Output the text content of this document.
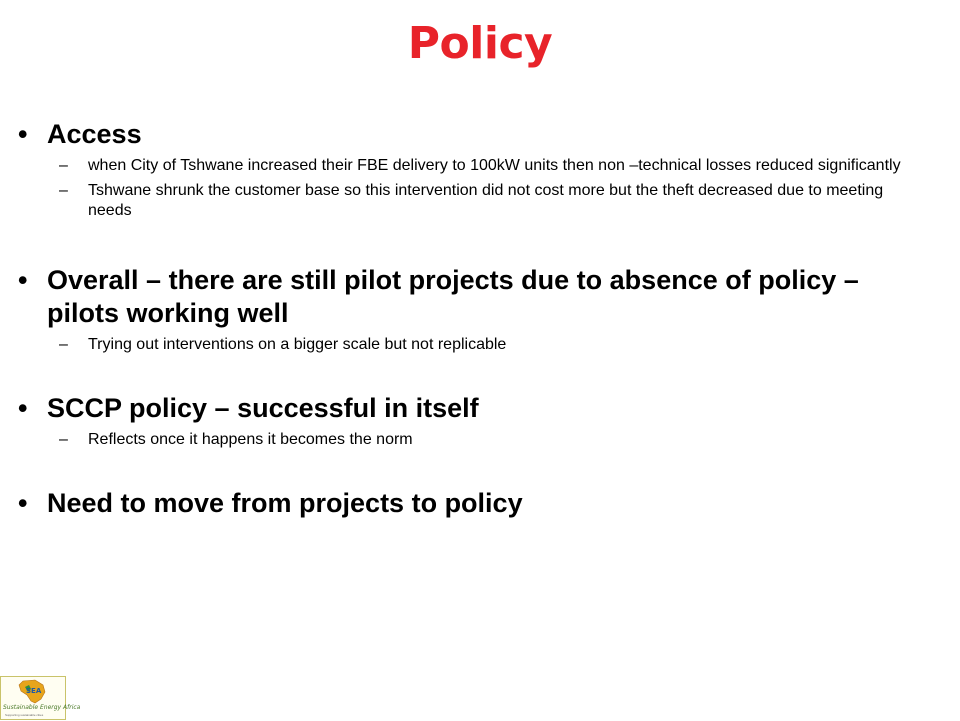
Policy
• Access
– when City of Tshwane increased their FBE delivery to 100kW units then non –technical losses reduced significantly
– Tshwane shrunk the customer base so this intervention did not cost more but the theft decreased due to meeting needs
• Overall – there are still pilot projects due to absence of policy – pilots working well
– Trying out interventions on a bigger scale but not replicable
• SCCP policy – successful in itself
– Reflects once it happens it becomes the norm
• Need to move from projects to policy
SEA
Sustainable Energy Africa
Supporting sustainable cities
